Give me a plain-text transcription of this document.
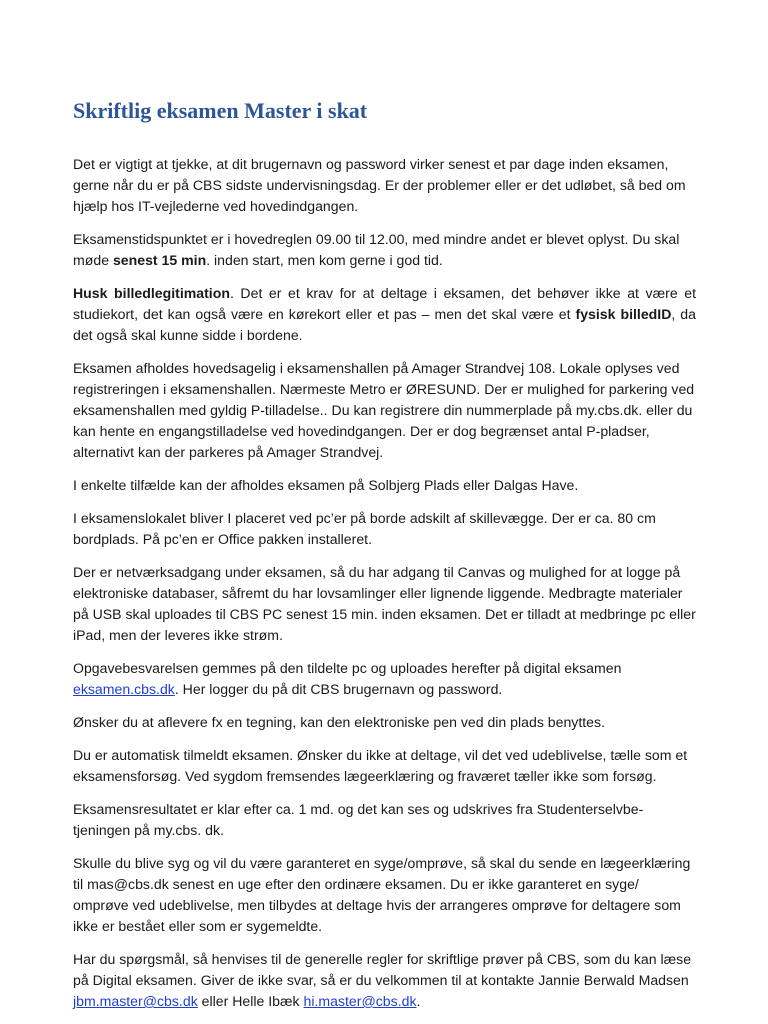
Skriftlig eksamen Master i skat

Det er vigtigt at tjekke, at dit brugernavn og password virker senest et par dage inden eksamen, gerne når du er på CBS sidste undervisningsdag. Er der problemer eller er det udløbet, så bed om hjælp hos IT-vejlederne ved hovedindgangen.

Eksamenstidspunktet er i hovedreglen 09.00 til 12.00, med mindre andet er blevet oplyst. Du skal møde senest 15 min. inden start, men kom gerne i god tid.

Husk billedlegitimation. Det er et krav for at deltage i eksamen, det behøver ikke at være et studiekort, det kan også være en kørekort eller et pas – men det skal være et fysisk billedID, da det også skal kunne sidde i bordene.

Eksamen afholdes hovedsagelig i eksamenshallen på Amager Strandvej 108. Lokale oplyses ved registreringen i eksamenshallen. Nærmeste Metro er ØRESUND. Der er mulighed for parkering ved eksamenshallen med gyldig P-tilladelse.. Du kan registrere din nummerplade på my.cbs.dk. eller du kan hente en engangstilladelse ved hovedindgangen. Der er dog begrænset antal P-pladser, alternativt kan der parkeres på Amager Strandvej.

I enkelte tilfælde kan der afholdes eksamen på Solbjerg Plads eller Dalgas Have.

I eksamenslokalet bliver I placeret ved pc’er på borde adskilt af skillevægge. Der er ca. 80 cm bordplads. På pc’en er Office pakken installeret.

Der er netværksadgang under eksamen, så du har adgang til Canvas og mulighed for at logge på elektroniske databaser, såfremt du har lovsamlinger eller lignende liggende. Medbragte materialer på USB skal uploades til CBS PC senest 15 min. inden eksamen. Det er tilladt at medbringe pc eller iPad, men der leveres ikke strøm.

Opgavebesvarelsen gemmes på den tildelte pc og uploades herefter på digital eksamen eksamen.cbs.dk. Her logger du på dit CBS brugernavn og password.

Ønsker du at aflevere fx en tegning, kan den elektroniske pen ved din plads benyttes.

Du er automatisk tilmeldt eksamen. Ønsker du ikke at deltage, vil det ved udeblivelse, tælle som et eksamensforsøg. Ved sygdom fremsendes lægeerklæring og fraværet tæller ikke som forsøg.

Eksamensresultatet er klar efter ca. 1 md. og det kan ses og udskrives fra Studenterselvbe-tjeningen på my.cbs. dk.

Skulle du blive syg og vil du være garanteret en syge/omprøve, så skal du sende en lægeerklæring til mas@cbs.dk senest en uge efter den ordinære eksamen. Du er ikke garanteret en syge/ omprøve ved udeblivelse, men tilbydes at deltage hvis der arrangeres omprøve for deltagere som ikke er bestået eller som er sygemeldte.

Har du spørgsmål, så henvises til de generelle regler for skriftlige prøver på CBS, som du kan læse på Digital eksamen. Giver de ikke svar, så er du velkommen til at kontakte Jannie Berwald Madsen jbm.master@cbs.dk eller Helle Ibæk hi.master@cbs.dk.
